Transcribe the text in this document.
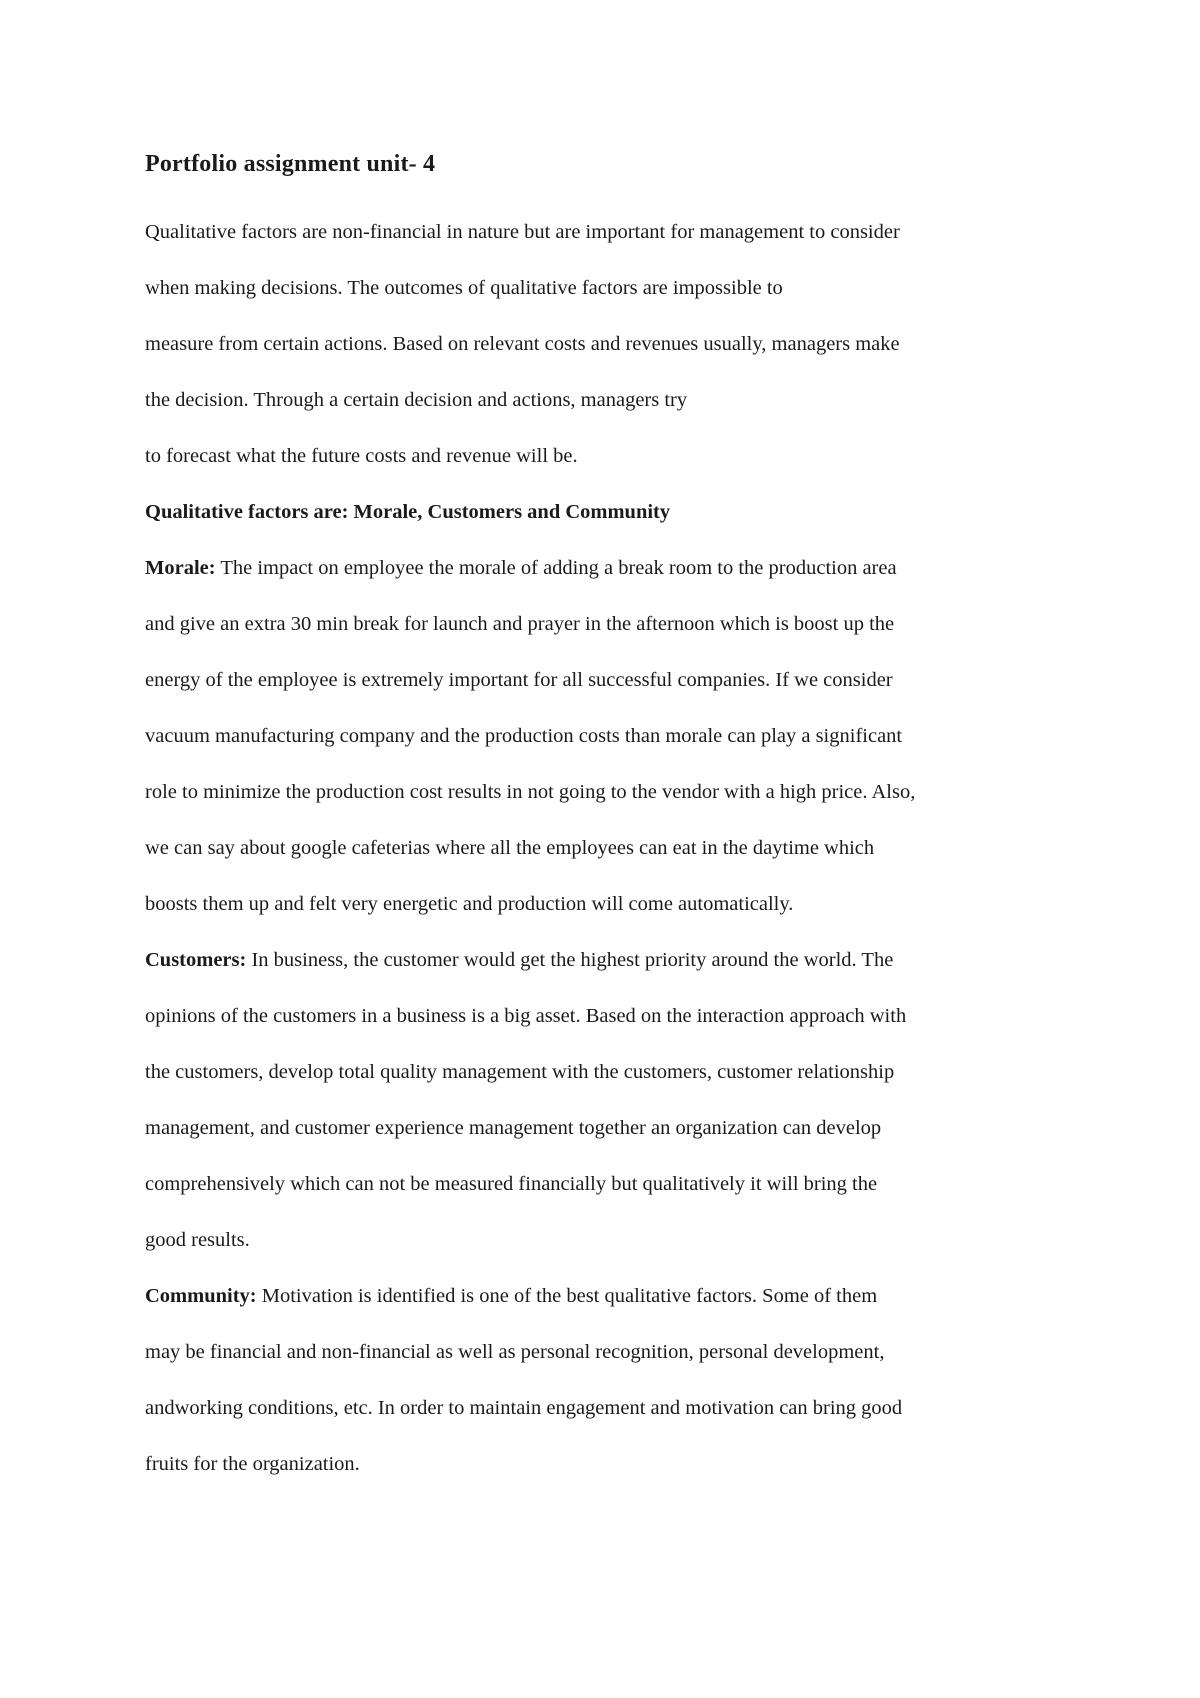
Portfolio assignment unit- 4
Qualitative factors are non-financial in nature but are important for management to consider
when making decisions. The outcomes of qualitative factors are impossible to
measure from certain actions. Based on relevant costs and revenues usually, managers make
the decision. Through a certain decision and actions, managers try
to forecast what the future costs and revenue will be.
Qualitative factors are: Morale, Customers and Community
Morale: The impact on employee the morale of adding a break room to the production area
and give an extra 30 min break for launch and prayer in the afternoon which is boost up the
energy of the employee is extremely important for all successful companies. If we consider
vacuum manufacturing company and the production costs than morale can play a significant
role to minimize the production cost results in not going to the vendor with a high price. Also,
we can say about google cafeterias where all the employees can eat in the daytime which
boosts them up and felt very energetic and production will come automatically.
Customers: In business, the customer would get the highest priority around the world. The
opinions of the customers in a business is a big asset. Based on the interaction approach with
the customers, develop total quality management with the customers, customer relationship
management, and customer experience management together an organization can develop
comprehensively which can not be measured financially but qualitatively it will bring the
good results.
Community: Motivation is identified is one of the best qualitative factors. Some of them
may be financial and non-financial as well as personal recognition, personal development,
andworking conditions, etc. In order to maintain engagement and motivation can bring good
fruits for the organization.
